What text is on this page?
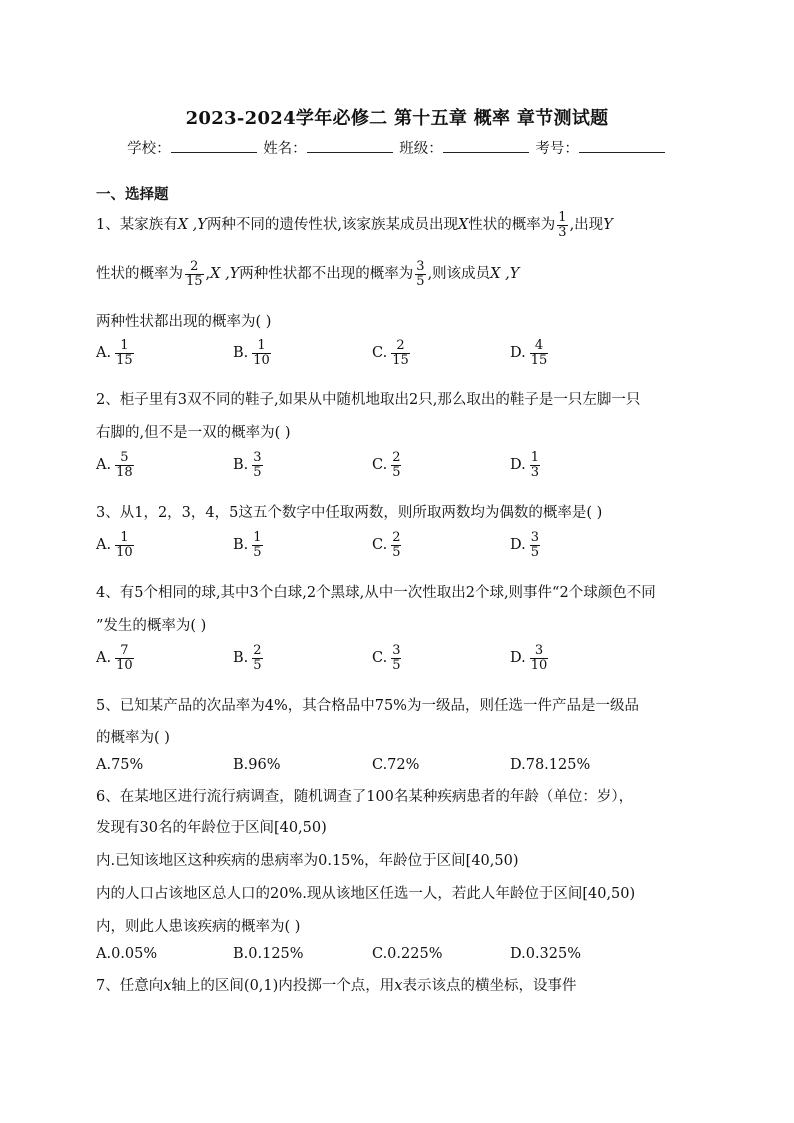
2023-2024学年必修二 第十五章 概率 章节测试题
学校：	姓名：	班级：	考号：
一、选择题
1、某家族有X ,Y两种不同的遗传性状,该家族某成员出现X性状的概率为 $\frac{1}{3}$ ,出现Y
性状的概率为 $\frac{2}{15} ,X$ ,Y两种性状都不出现的概率为 $\frac{3}{5}$ ,则该成员X ,Y
两种性状都出现的概率为( )
A. $\frac{1}{15}$	B. $\frac{1}{10}$	C. $\frac{2}{15}$	D. $\frac{4}{15}$
2、柜子里有3双不同的鞋子,如果从中随机地取出2只,那么取出的鞋子是一只左脚一只
右脚的,但不是一双的概率为( )
A. $\frac{5}{18}$	B. $\frac{3}{5}$	C. $\frac{2}{5}$	D. $\frac{1}{3}$
3、从1，2，3，4，5这五个数字中任取两数，则所取两数均为偶数的概率是( )
A. $\frac{1}{10}$	B. $\frac{1}{5}$	C. $\frac{2}{5}$	D. $\frac{3}{5}$
4、有5个相同的球,其中3个白球,2个黑球,从中一次性取出2个球,则事件“2个球颜色不同
”发生的概率为( )
A. $\frac{7}{10}$	B. $\frac{2}{5}$	C. $\frac{3}{5}$	D. $\frac{3}{10}$
5、已知某产品的次品率为4%，其合格品中75%为一级品，则任选一件产品是一级品
的概率为( )
A.75%	B.96%	C.72%	D.78.125%
6、在某地区进行流行病调查，随机调查了100名某种疾病患者的年龄（单位：岁），
发现有30名的年龄位于区间[40,50)
内.已知该地区这种疾病的患病率为0.15%，年龄位于区间[40,50)
内的人口占该地区总人口的20%.现从该地区任选一人，若此人年龄位于区间[40,50)
内，则此人患该疾病的概率为( )
A.0.05%	B.0.125%	C.0.225%	D.0.325%
7、任意向x轴上的区间(0,1)内投掷一个点，用x表示该点的横坐标，设事件
